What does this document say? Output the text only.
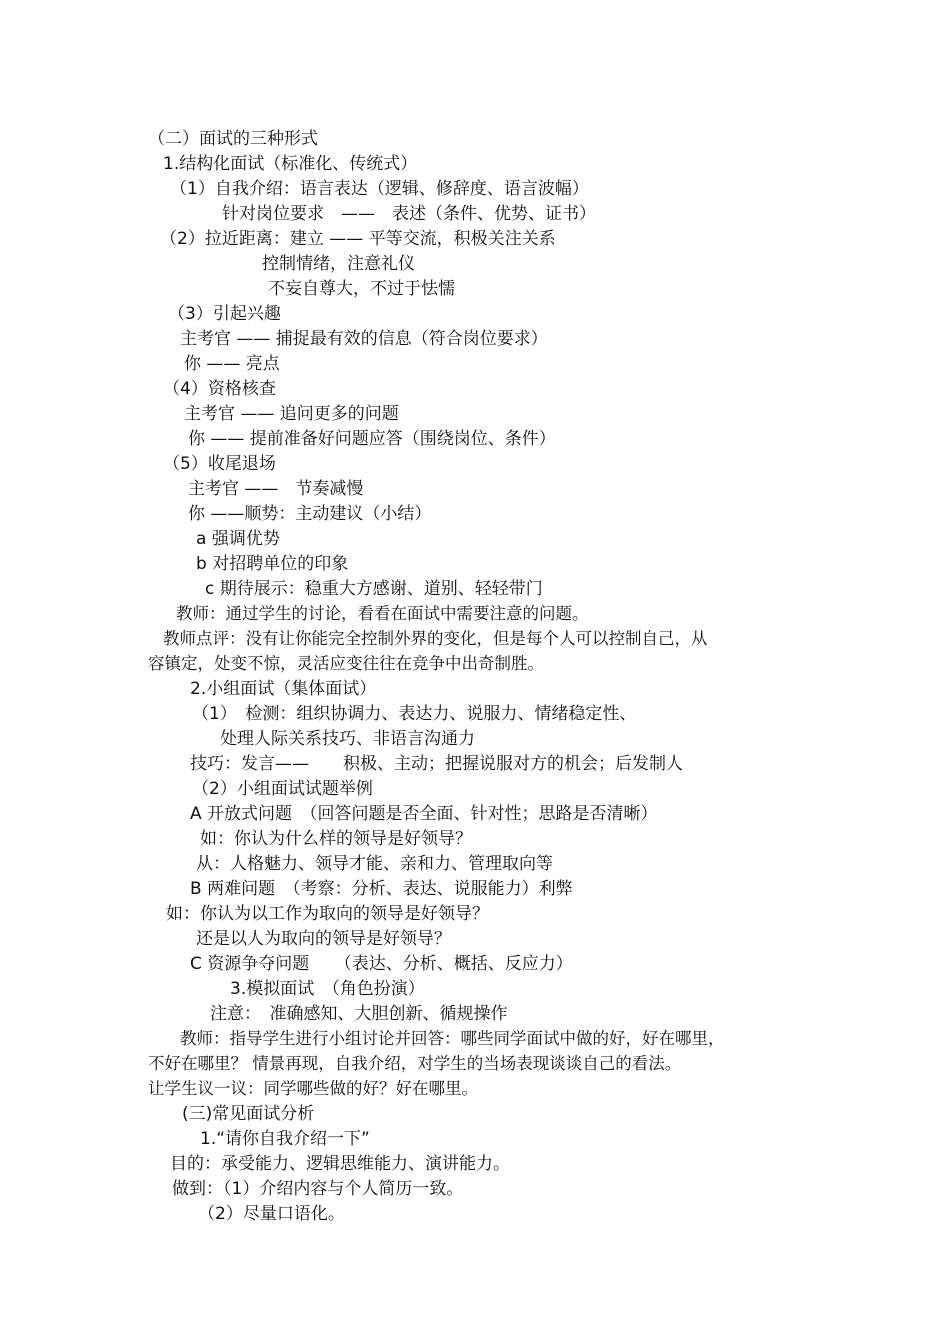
（二）面试的三种形式
1.结构化面试（标准化、传统式）
（1）自我介绍：语言表达（逻辑、修辞度、语言波幅）
针对岗位要求　——　表述（条件、优势、证书）
（2）拉近距离：建立 —— 平等交流，积极关注关系
控制情绪，注意礼仪
不妄自尊大，不过于怯懦
（3）引起兴趣
主考官 —— 捕捉最有效的信息（符合岗位要求）
你 —— 亮点
（4）资格核查
主考官 —— 追问更多的问题
你 —— 提前准备好问题应答（围绕岗位、条件）
（5）收尾退场
主考官 ——　节奏减慢
你 ——顺势：主动建议（小结）
a 强调优势
b 对招聘单位的印象
c 期待展示：稳重大方感谢、道别、轻轻带门
教师：通过学生的讨论，看看在面试中需要注意的问题。
教师点评：没有让你能完全控制外界的变化，但是每个人可以控制自己，从
容镇定，处变不惊，灵活应变往往在竞争中出奇制胜。
2.小组面试（集体面试）
（1）　检测：组织协调力、表达力、说服力、情绪稳定性、
处理人际关系技巧、非语言沟通力
技巧：发言——　　积极、主动；把握说服对方的机会；后发制人
（2）小组面试试题举例
A 开放式问题　（回答问题是否全面、针对性；思路是否清晰）
如：你认为什么样的领导是好领导？
从：人格魅力、领导才能、亲和力、管理取向等
B 两难问题　（考察：分析、表达、说服能力）利弊
如：你认为以工作为取向的领导是好领导？
还是以人为取向的领导是好领导？
C 资源争夺问题　　（表达、分析、概括、反应力）
3.模拟面试　（角色扮演）
注意：　准确感知、大胆创新、循规操作
教师：指导学生进行小组讨论并回答：哪些同学面试中做的好，好在哪里，
不好在哪里？ 情景再现，自我介绍，对学生的当场表现谈谈自己的看法。
让学生议一议：同学哪些做的好？好在哪里。
(三)常见面试分析
1.“请你自我介绍一下”
目的：承受能力、逻辑思维能力、演讲能力。
做到：（1）介绍内容与个人简历一致。
（2）尽量口语化。
